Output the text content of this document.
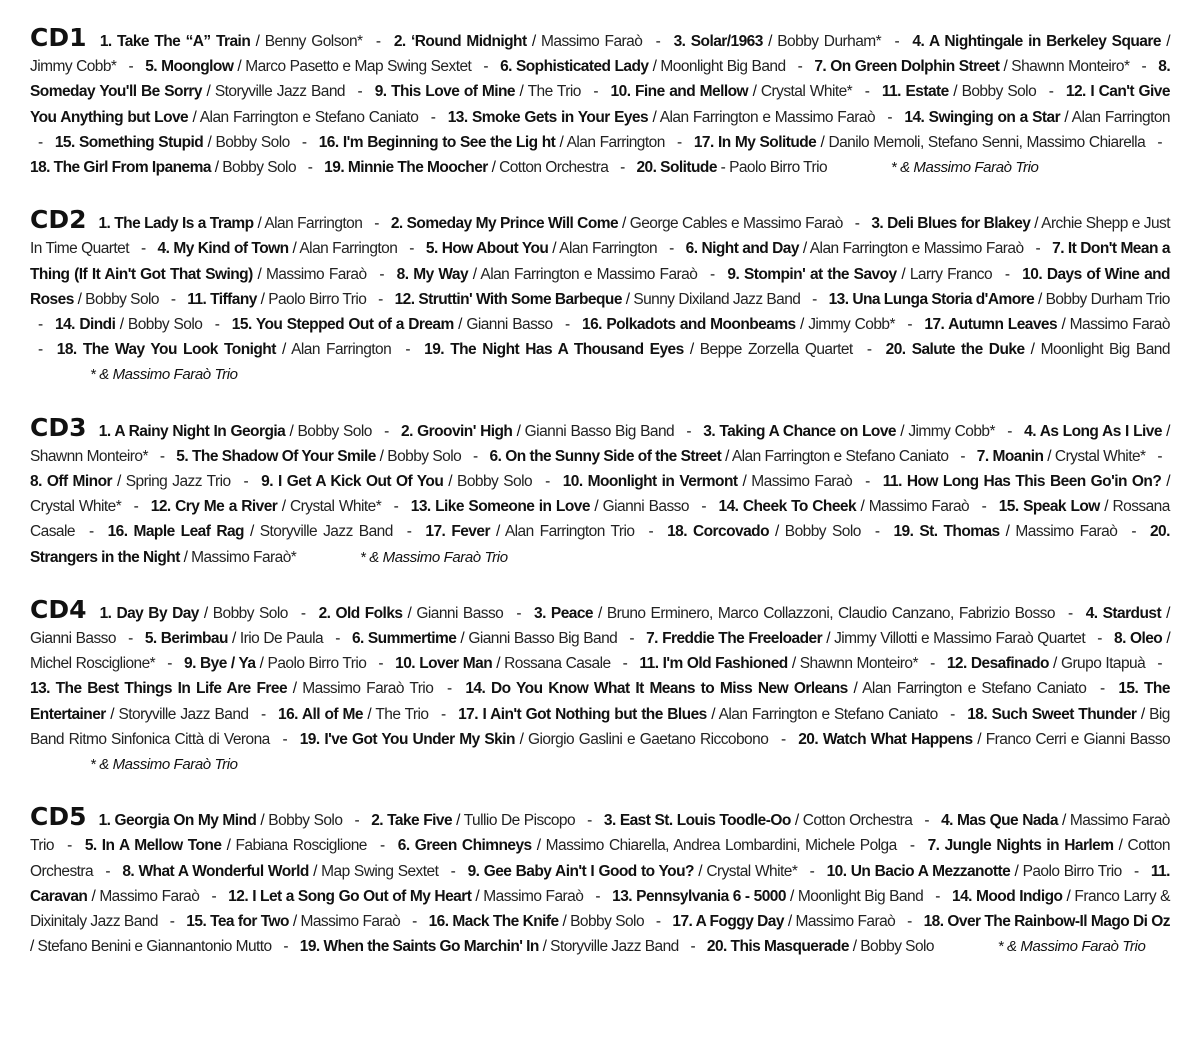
CD1 1. Take The “A” Train / Benny Golson* - 2. ‘Round Midnight / Massimo Faraò - 3. Solar/1963 / Bobby Durham* - 4. A Nightingale in Berkeley Square / Jimmy Cobb* - 5. Moonglow / Marco Pasetto e Map Swing Sextet - 6. Sophisticated Lady / Moonlight Big Band - 7. On Green Dolphin Street / Shawnn Monteiro* - 8. Someday You'll Be Sorry / Storyville Jazz Band - 9. This Love of Mine / The Trio - 10. Fine and Mellow / Crystal White* - 11. Estate / Bobby Solo - 12. I Can't Give You Anything but Love / Alan Farrington e Stefano Caniato - 13. Smoke Gets in Your Eyes / Alan Farrington e Massimo Faraò - 14. Swinging on a Star / Alan Farrington - 15. Something Stupid / Bobby Solo - 16. I'm Beginning to See the Lig ht / Alan Farrington - 17. In My Solitude / Danilo Memoli, Stefano Senni, Massimo Chiarella - 18. The Girl From Ipanema / Bobby Solo - 19. Minnie The Moocher / Cotton Orchestra - 20. Solitude - Paolo Birro Trio	* & Massimo Faraò Trio
CD2 1. The Lady Is a Tramp / Alan Farrington - 2. Someday My Prince Will Come / George Cables e Massimo Faraò - 3. Deli Blues for Blakey / Archie Shepp e Just In Time Quartet - 4. My Kind of Town / Alan Farrington - 5. How About You / Alan Farrington - 6. Night and Day / Alan Farrington e Massimo Faraò - 7. It Don't Mean a Thing (If It Ain't Got That Swing) / Massimo Faraò - 8. My Way / Alan Farrington e Massimo Faraò - 9. Stompin' at the Savoy / Larry Franco - 10. Days of Wine and Roses / Bobby Solo - 11. Tiffany / Paolo Birro Trio - 12. Struttin' With Some Barbeque / Sunny Dixiland Jazz Band - 13. Una Lunga Storia d'Amore / Bobby Durham Trio - 14. Dindi / Bobby Solo - 15. You Stepped Out of a Dream / Gianni Basso - 16. Polkadots and Moonbeams / Jimmy Cobb* - 17. Autumn Leaves / Massimo Faraò - 18. The Way You Look Tonight / Alan Farrington - 19. The Night Has A Thousand Eyes / Beppe Zorzella Quartet - 20. Salute the Duke / Moonlight Big Band * & Massimo Faraò Trio
CD3 1. A Rainy Night In Georgia / Bobby Solo - 2. Groovin' High / Gianni Basso Big Band - 3. Taking A Chance on Love / Jimmy Cobb* - 4. As Long As I Live / Shawnn Monteiro* - 5. The Shadow Of Your Smile / Bobby Solo - 6. On the Sunny Side of the Street / Alan Farrington e Stefano Caniato - 7. Moanin / Crystal White* - 8. Off Minor / Spring Jazz Trio - 9. I Get A Kick Out Of You / Bobby Solo - 10. Moonlight in Vermont / Massimo Faraò - 11. How Long Has This Been Go'in On? / Crystal White* - 12. Cry Me a River / Crystal White* - 13. Like Someone in Love / Gianni Basso - 14. Cheek To Cheek / Massimo Faraò - 15. Speak Low / Rossana Casale - 16. Maple Leaf Rag / Storyville Jazz Band - 17. Fever / Alan Farrington Trio - 18. Corcovado / Bobby Solo - 19. St. Thomas / Massimo Faraò - 20. Strangers in the Night / Massimo Faraò*	* & Massimo Faraò Trio
CD4 1. Day By Day / Bobby Solo - 2. Old Folks / Gianni Basso - 3. Peace / Bruno Erminero, Marco Collazzoni, Claudio Canzano, Fabrizio Bosso - 4. Stardust / Gianni Basso - 5. Berimbau / Irio De Paula - 6. Summertime / Gianni Basso Big Band - 7. Freddie The Freeloader / Jimmy Villotti e Massimo Faraò Quartet - 8. Oleo / Michel Rosciglione* - 9. Bye / Ya / Paolo Birro Trio - 10. Lover Man / Rossana Casale - 11. I'm Old Fashioned / Shawnn Monteiro* - 12. Desafinado / Grupo Itapuà - 13. The Best Things In Life Are Free / Massimo Faraò Trio - 14. Do You Know What It Means to Miss New Orleans / Alan Farrington e Stefano Caniato - 15. The Entertainer / Storyville Jazz Band - 16. All of Me / The Trio - 17. I Ain't Got Nothing but the Blues / Alan Farrington e Stefano Caniato - 18. Such Sweet Thunder / Big Band Ritmo Sinfonica Città di Verona - 19. I've Got You Under My Skin / Giorgio Gaslini e Gaetano Riccobono - 20. Watch What Happens / Franco Cerri e Gianni Basso * & Massimo Faraò Trio
CD5 1. Georgia On My Mind / Bobby Solo - 2. Take Five / Tullio De Piscopo - 3. East St. Louis Toodle-Oo / Cotton Orchestra - 4. Mas Que Nada / Massimo Faraò Trio - 5. In A Mellow Tone / Fabiana Rosciglione - 6. Green Chimneys / Massimo Chiarella, Andrea Lombardini, Michele Polga - 7. Jungle Nights in Harlem / Cotton Orchestra - 8. What A Wonderful World / Map Swing Sextet - 9. Gee Baby Ain't I Good to You? / Crystal White* - 10. Un Bacio A Mezzanotte / Paolo Birro Trio - 11. Caravan / Massimo Faraò - 12. I Let a Song Go Out of My Heart / Massimo Faraò - 13. Pennsylvania 6 - 5000 / Moonlight Big Band - 14. Mood Indigo / Franco Larry & Dixinitaly Jazz Band - 15. Tea for Two / Massimo Faraò - 16. Mack The Knife / Bobby Solo - 17. A Foggy Day / Massimo Faraò - 18. Over The Rainbow-Il Mago Di Oz / Stefano Benini e Giannantonio Mutto - 19. When the Saints Go Marchin' In / Storyville Jazz Band - 20. This Masquerade / Bobby Solo	* & Massimo Faraò Trio
